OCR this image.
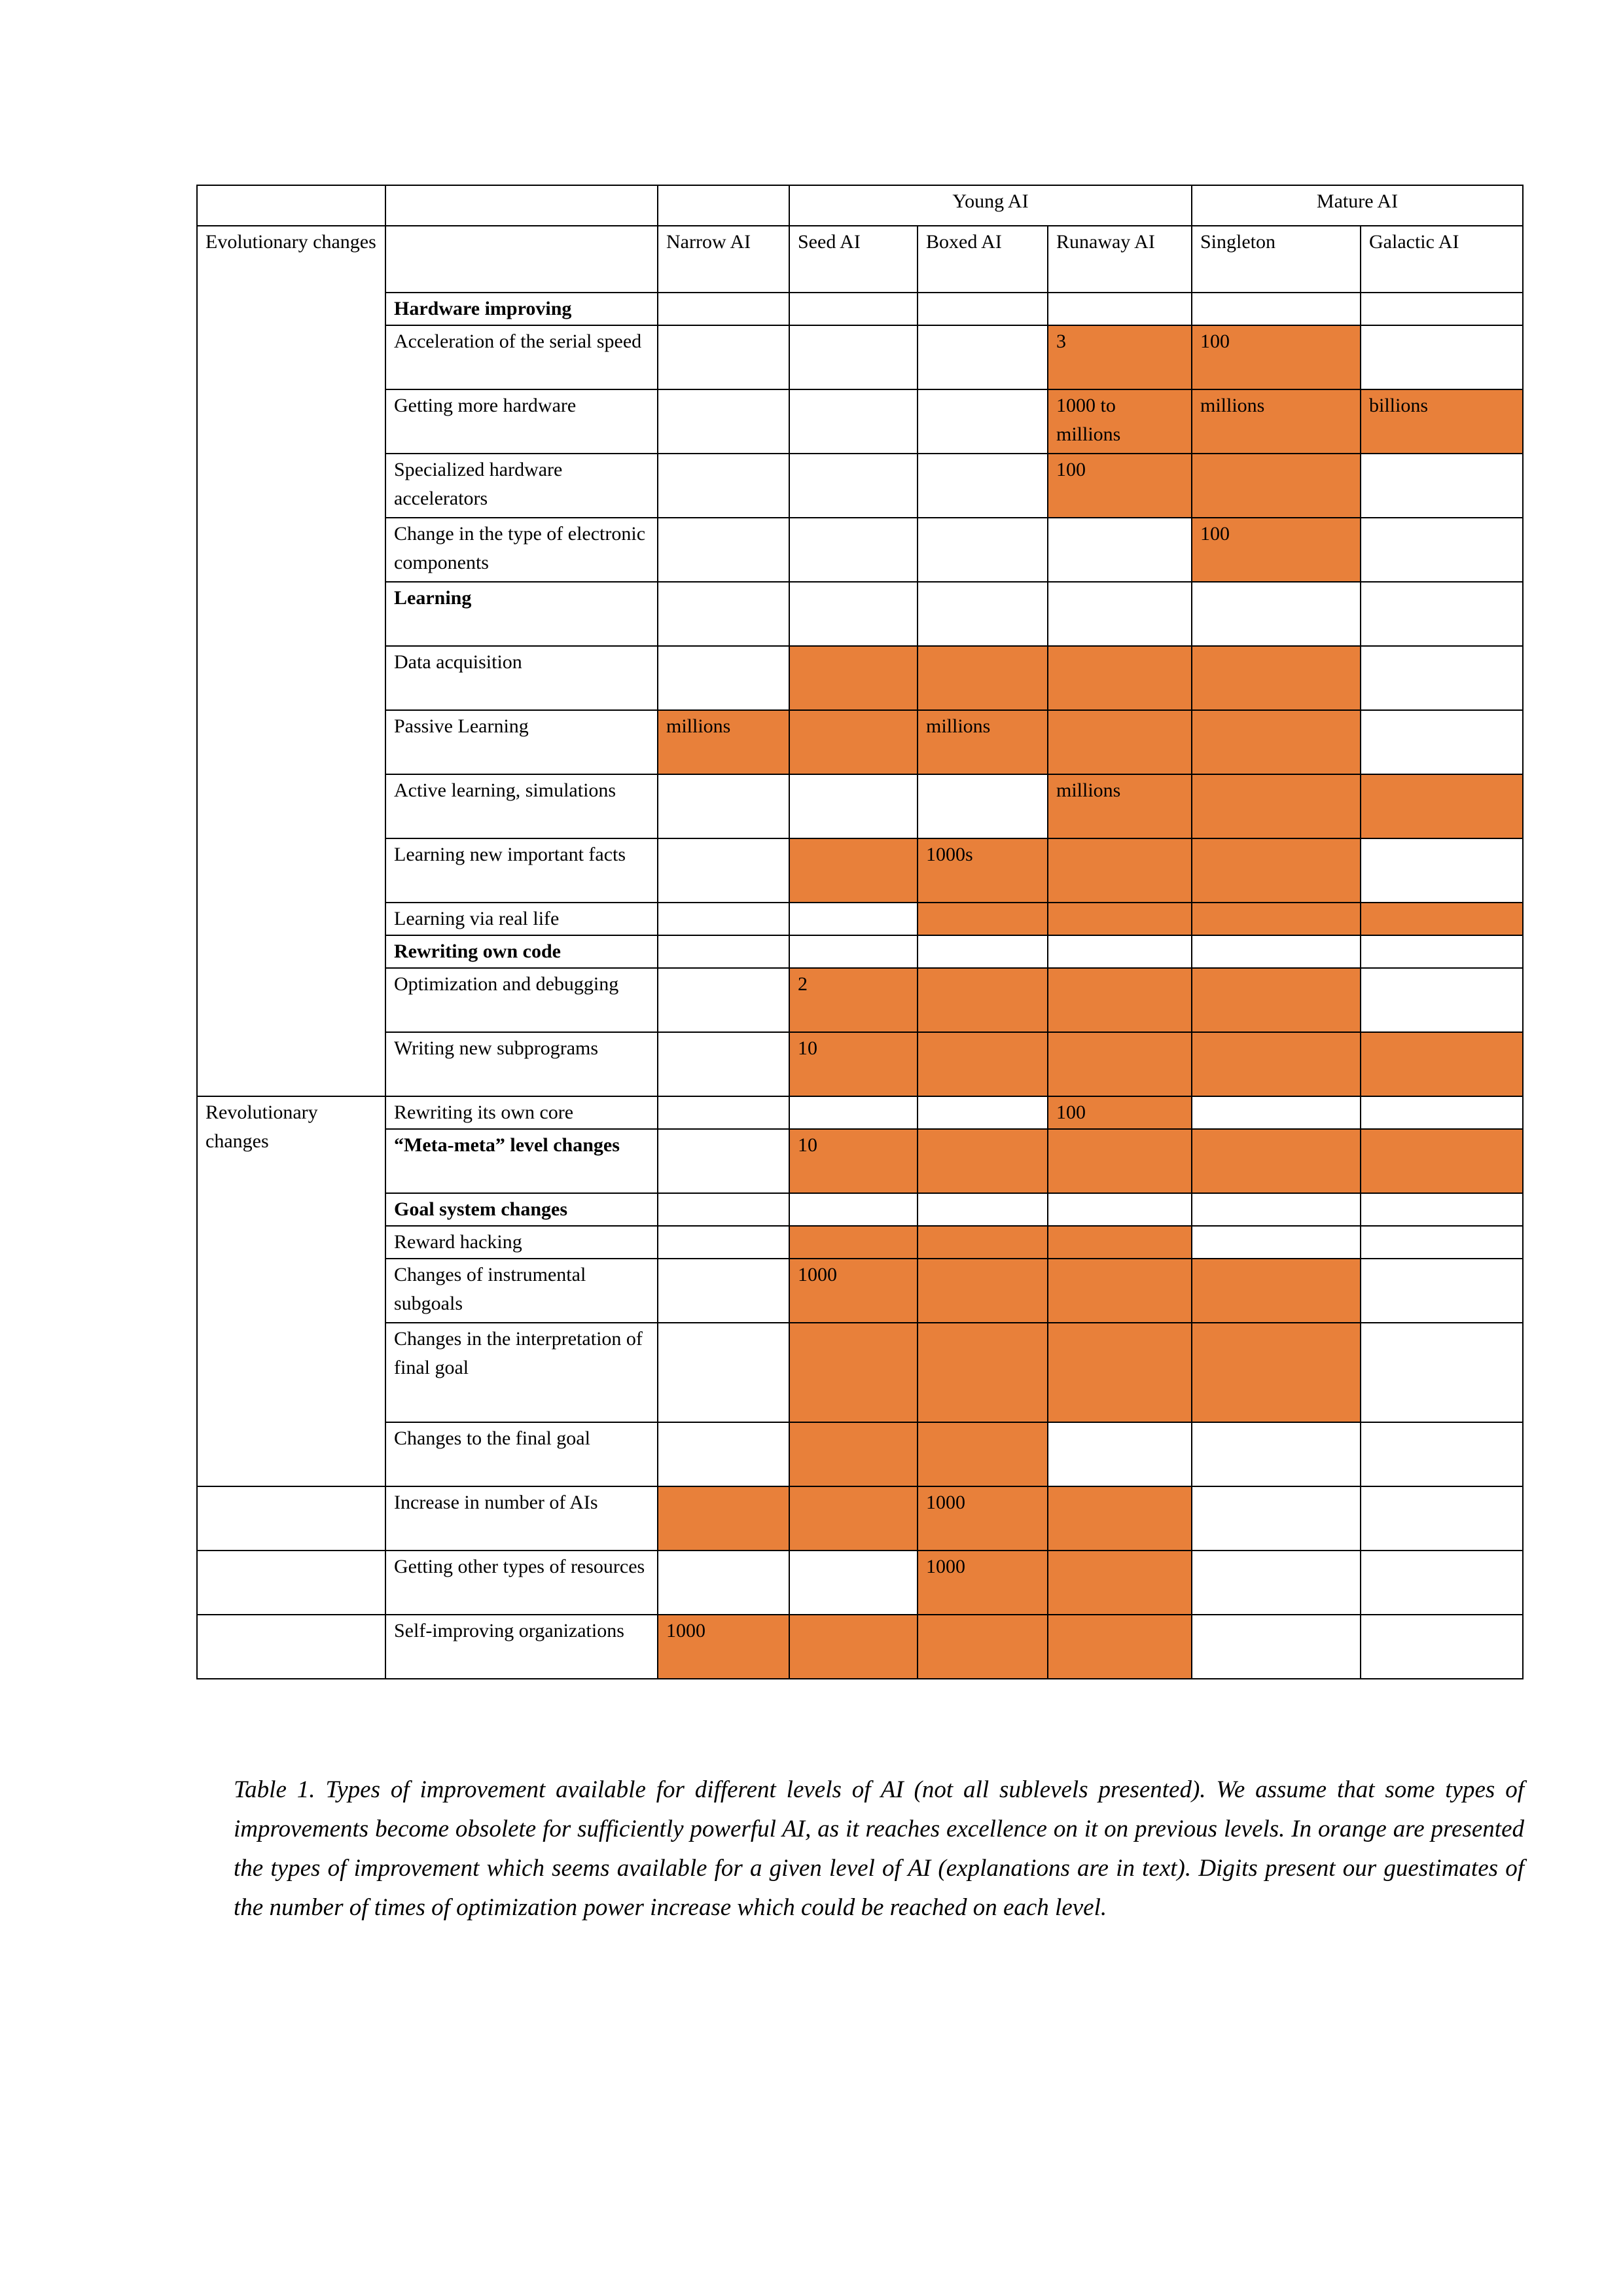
			Young AI			Mature AI	
Evolutionary changes		Narrow AI	Seed AI	Boxed AI	Runaway AI	Singleton	Galactic AI
	Hardware improving						
	Acceleration of the serial speed				3	100	
	Getting more hardware				1000 to millions	millions	billions
	Specialized hardware accelerators				100		
	Change in the type of electronic components					100	
	Learning						
	Data acquisition						
	Passive Learning	millions		millions			
	Active learning, simulations				millions		
	Learning new important facts			1000s			
	Learning via real life						
	Rewriting own code						
	Optimization and debugging		2				
	Writing new subprograms		10				
Revolutionary changes	Rewriting its own core				100		
	“Meta-meta” level changes		10				
	Goal system changes						
	Reward hacking						
	Changes of instrumental subgoals		1000				
	Changes in the interpretation of final goal						
	Changes to the final goal						
	Increase in number of AIs			1000			
	Getting other types of resources			1000			
	Self-improving organizations	1000					

Table 1. Types of improvement available for different levels of AI (not all sublevels presented). We assume that some types of improvements become obsolete for sufficiently powerful AI, as it reaches excellence on it on previous levels. In orange are presented the types of improvement which seems available for a given level of AI (explanations are in text). Digits present our guestimates of the number of times of optimization power increase which could be reached on each level.
